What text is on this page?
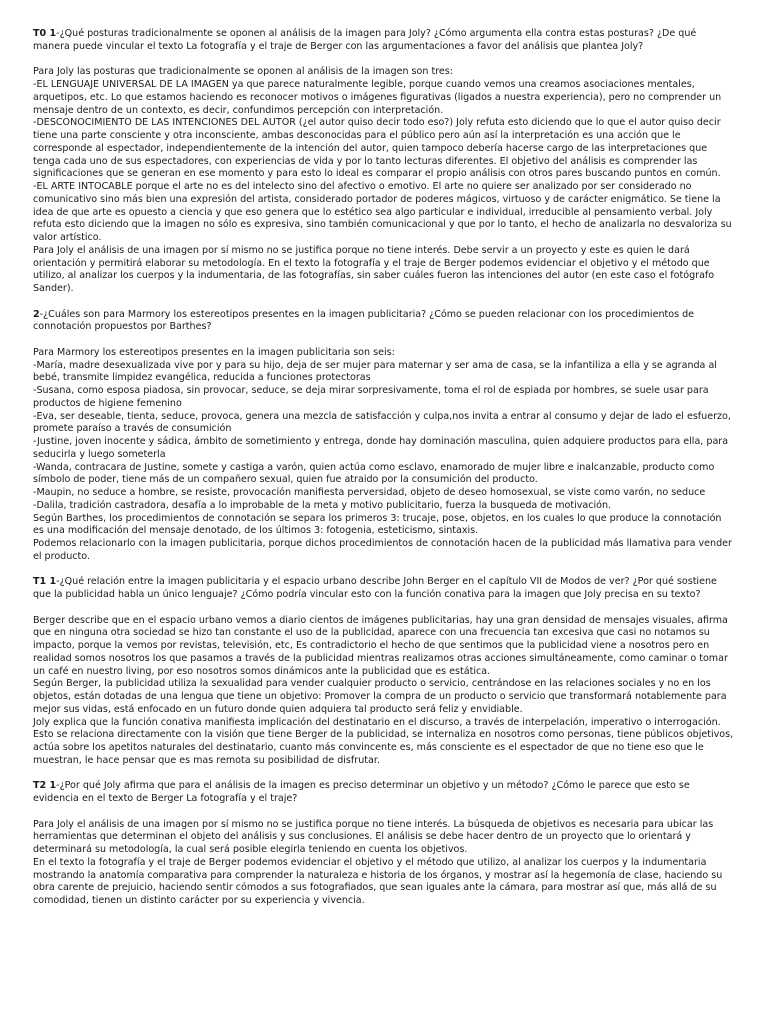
T0 1-¿Qué posturas tradicionalmente se oponen al análisis de la imagen para Joly? ¿Cómo argumenta ella contra estas posturas? ¿De qué manera puede vincular el texto La fotografía y el traje de Berger con las argumentaciones a favor del análisis que plantea Joly?

Para Joly las posturas que tradicionalmente se oponen al análisis de la imagen son tres:

-EL LENGUAJE UNIVERSAL DE LA IMAGEN ya que parece naturalmente legible, porque cuando vemos una creamos asociaciones mentales, arquetipos, etc. Lo que estamos haciendo es reconocer motivos o imágenes figurativas (ligados a nuestra experiencia), pero no comprender un mensaje dentro de un contexto, es decir, confundimos percepción con interpretación.

-DESCONOCIMIENTO DE LAS INTENCIONES DEL AUTOR (¿el autor quiso decir todo eso?) Joly refuta esto diciendo que lo que el autor quiso decir tiene una parte consciente y otra inconsciente, ambas desconocidas para el público pero aún así la interpretación es una acción que le corresponde al espectador, independientemente de la intención del autor, quien tampoco debería hacerse cargo de las interpretaciones que tenga cada uno de sus espectadores, con experiencias de vida y por lo tanto lecturas diferentes. El objetivo del análisis es comprender las significaciones que se generan en ese momento y para esto lo ideal es comparar el propio análisis con otros pares buscando puntos en común.

-EL ARTE INTOCABLE porque el arte no es del intelecto sino del afectivo o emotivo. El arte no quiere ser analizado por ser considerado no comunicativo sino más bien una expresión del artista, considerado portador de poderes mágicos, virtuoso y de carácter enigmático. Se tiene la idea de que arte es opuesto a ciencia y que eso genera que lo estético sea algo particular e individual, irreducible al pensamiento verbal. Joly refuta esto diciendo que la imagen no sólo es expresiva, sino también comunicacional y que por lo tanto, el hecho de analizarla no desvaloriza su valor artístico.

Para Joly el análisis de una imagen por sí mismo no se justifica porque no tiene interés. Debe servir a un proyecto y este es quien le dará orientación y permitirá elaborar su metodología. En el texto la fotografía y el traje de Berger podemos evidenciar el objetivo y el método que utilizo, al analizar los cuerpos y la indumentaria, de las fotografías, sin saber cuáles fueron las intenciones del autor (en este caso el fotógrafo Sander).

2-¿Cuáles son para Marmory los estereotipos presentes en la imagen publicitaria? ¿Cómo se pueden relacionar con los procedimientos de connotación propuestos por Barthes?

Para Marmory los estereotipos presentes en la imagen publicitaria son seis:

-María, madre desexualizada vive por y para su hijo, deja de ser mujer para maternar y ser ama de casa, se la infantiliza a ella y se agranda al bebé, transmite limpidez evangélica, reducida a funciones protectoras

-Susana, como esposa piadosa, sin provocar, seduce, se deja mirar sorpresivamente, toma el rol de espiada por hombres, se suele usar para productos de higiene femenino

-Eva, ser deseable, tienta, seduce, provoca, genera una mezcla de satisfacción y culpa,nos invita a entrar al consumo y dejar de lado el esfuerzo, promete paraíso a través de consumición

-Justine, joven inocente y sádica, ámbito de sometimiento y entrega, donde hay dominación masculina, quien adquiere productos para ella, para seducirla y luego someterla

-Wanda, contracara de Justine, somete y castiga a varón, quien actúa como esclavo, enamorado de mujer libre e inalcanzable, producto como símbolo de poder, tiene más de un compañero sexual, quien fue atraido por la consumición del producto.

-Maupin, no seduce a hombre, se resiste, provocación manifiesta perversidad, objeto de deseo homosexual, se viste como varón, no seduce

-Dalila, tradición castradora, desafía a lo improbable de la meta y motivo publicitario, fuerza la busqueda de motivación.

Según Barthes, los procedimientos de connotación se separa los primeros 3: trucaje, pose, objetos, en los cuales lo que produce la connotación es una modificación del mensaje denotado, de los últimos 3: fotogenia, esteticismo, sintaxis.

Podemos relacionarlo con la imagen publicitaria, porque dichos procedimientos de connotación hacen de la publicidad más llamativa para vender el producto.

T1 1-¿Qué relación entre la imagen publicitaria y el espacio urbano describe John Berger en el capítulo VII de Modos de ver? ¿Por qué sostiene que la publicidad habla un único lenguaje? ¿Cómo podría vincular esto con la función conativa para la imagen que Joly precisa en su texto?

Berger describe que en el espacio urbano vemos a diario cientos de imágenes publicitarias, hay una gran densidad de mensajes visuales, afirma que en ninguna otra sociedad se hizo tan constante el uso de la publicidad, aparece con una frecuencia tan excesiva que casi no notamos su impacto, porque la vemos por revistas, televisión, etc, Es contradictorio el hecho de que sentimos que la publicidad viene a nosotros pero en realidad somos nosotros los que pasamos a través de la publicidad mientras realizamos otras acciones simultáneamente, como caminar o tomar un café en nuestro living, por eso nosotros somos dinámicos ante la publicidad que es estática.

Según Berger, la publicidad utiliza la sexualidad para vender cualquier producto o servicio, centrándose en las relaciones sociales y no en los objetos, están dotadas de una lengua que tiene un objetivo: Promover la compra de un producto o servicio que transformará notablemente para mejor sus vidas, está enfocado en un futuro donde quien adquiera tal producto será feliz y envidiable.

Joly explica que la función conativa manifiesta implicación del destinatario en el discurso, a través de interpelación, imperativo o interrogación. Esto se relaciona directamente con la visión que tiene Berger de la publicidad, se internaliza en nosotros como personas, tiene públicos objetivos, actúa sobre los apetitos naturales del destinatario, cuanto más convincente es, más consciente es el espectador de que no tiene eso que le muestran, le hace pensar que es mas remota su posibilidad de disfrutar.

T2 1-¿Por qué Joly afirma que para el análisis de la imagen es preciso determinar un objetivo y un método? ¿Cómo le parece que esto se evidencia en el texto de Berger La fotografía y el traje?

Para Joly el análisis de una imagen por sí mismo no se justifica porque no tiene interés. La búsqueda de objetivos es necesaria para ubicar las herramientas que determinan el objeto del análisis y sus conclusiones. El análisis se debe hacer dentro de un proyecto que lo orientará y determinará su metodología, la cual será posible elegirla teniendo en cuenta los objetivos.

En el texto la fotografía y el traje de Berger podemos evidenciar el objetivo y el método que utilizo, al analizar los cuerpos y la indumentaria mostrando la anatomía comparativa para comprender la naturaleza e historia de los órganos, y mostrar así la hegemonía de clase, haciendo su obra carente de prejuicio, haciendo sentir cómodos a sus fotografiados, que sean iguales ante la cámara, para mostrar así que, más allá de su comodidad, tienen un distinto carácter por su experiencia y vivencia.
